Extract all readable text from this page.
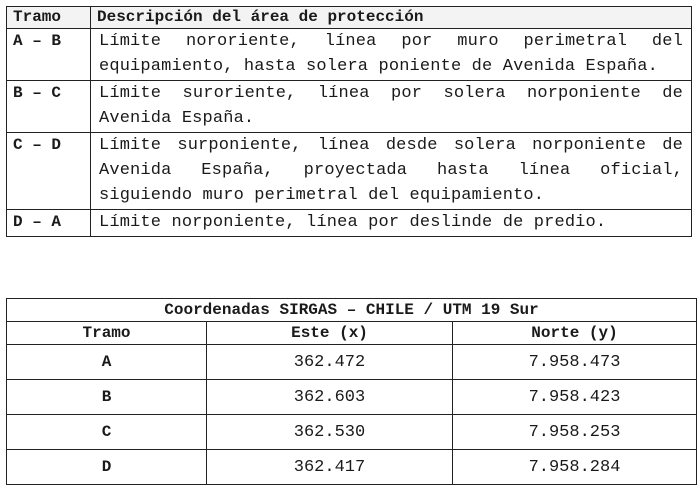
Tramo	Descripción del área de protección
A – B	Límite nororiente, línea por muro perimetral del equipamiento, hasta solera poniente de Avenida España.
B – C	Límite suroriente, línea por solera norponiente de Avenida España.
C – D	Límite surponiente, línea desde solera norponiente de Avenida España, proyectada hasta línea oficial, siguiendo muro perimetral del equipamiento.
D – A	Límite norponiente, línea por deslinde de predio.
Coordenadas SIRGAS – CHILE / UTM 19 Sur		
Tramo	Este (x)	Norte (y)
A	362.472	7.958.473
B	362.603	7.958.423
C	362.530	7.958.253
D	362.417	7.958.284
